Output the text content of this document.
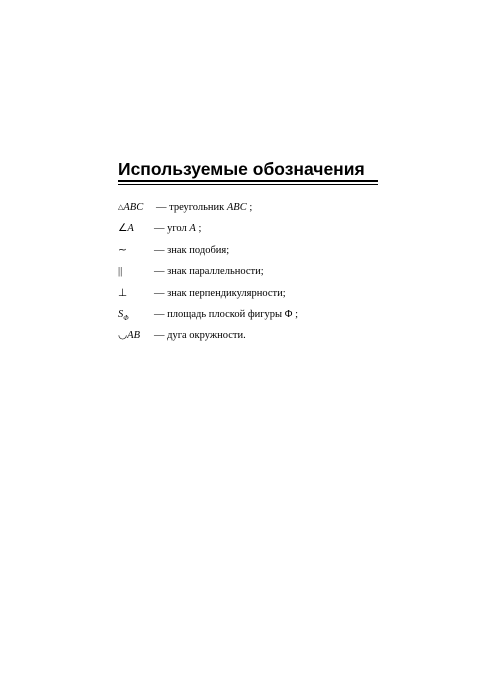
Используемые обозначения
△ABC — треугольник ABC ;
∠A — угол A ;
∼	— знак подобия;
||	— знак параллельности;
⊥	— знак перпендикулярности;
$S_\Phi$ — площадь плоской фигуры Φ ;
◡AB — дуга окружности.
